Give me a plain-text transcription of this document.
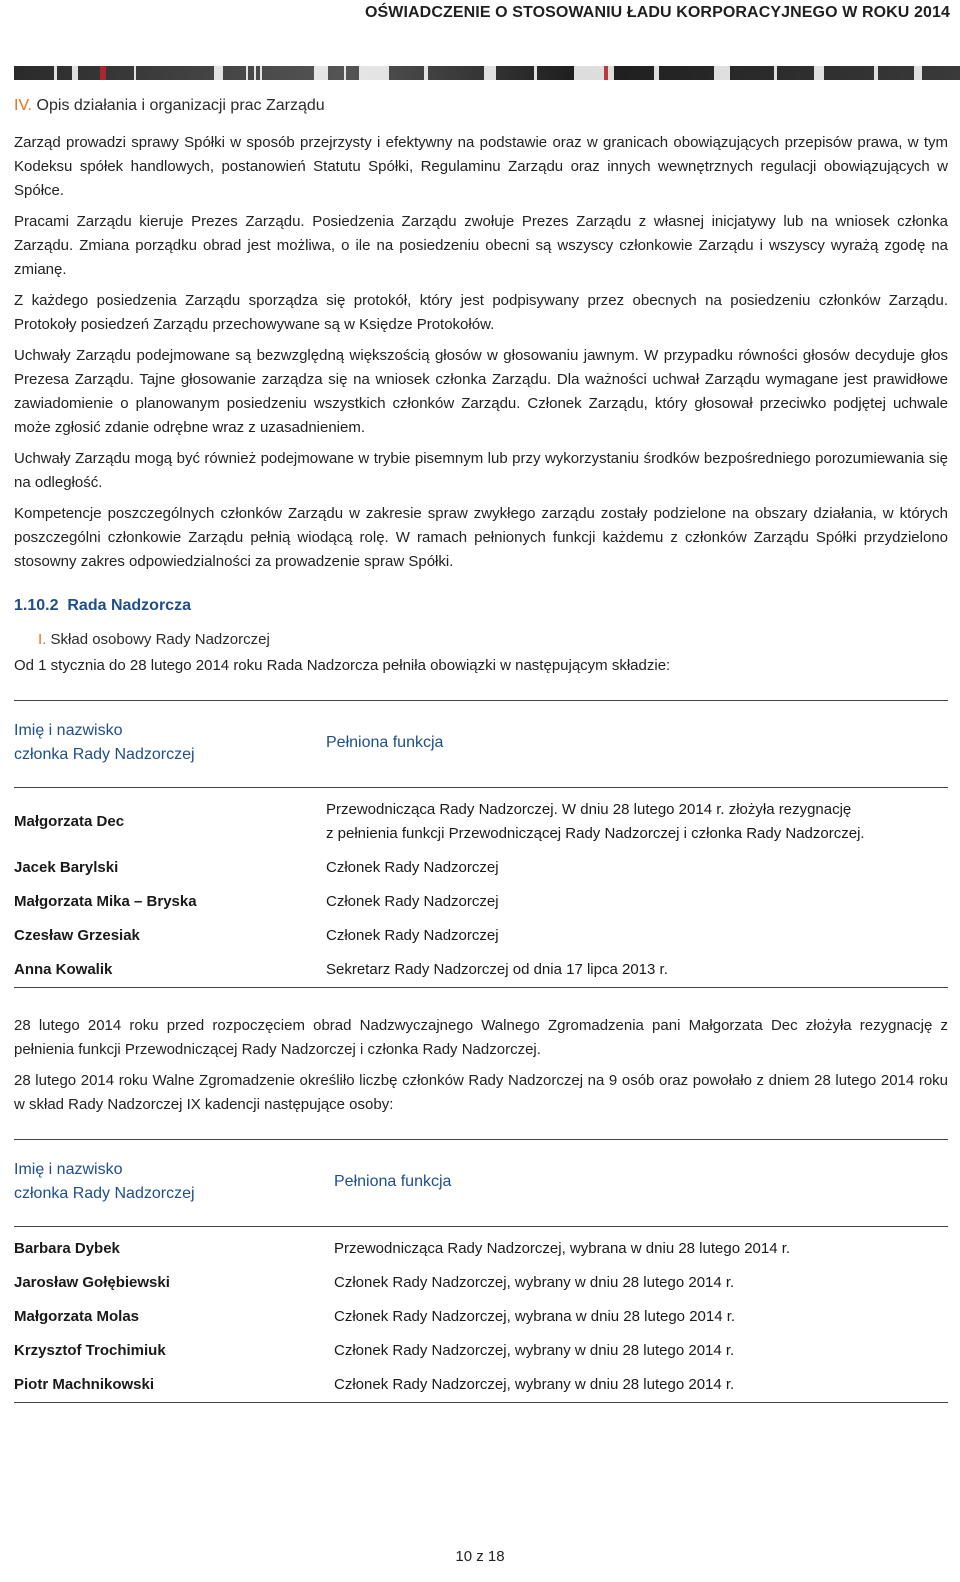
OŚWIADCZENIE O STOSOWANIU ŁADU KORPORACYJNEGO W ROKU 2014
IV. Opis działania i organizacji prac Zarządu

Zarząd prowadzi sprawy Spółki w sposób przejrzysty i efektywny na podstawie oraz w granicach obowiązujących przepisów prawa, w tym Kodeksu spółek handlowych, postanowień Statutu Spółki, Regulaminu Zarządu oraz innych wewnętrznych regulacji obowiązujących w Spółce.

Pracami Zarządu kieruje Prezes Zarządu. Posiedzenia Zarządu zwołuje Prezes Zarządu z własnej inicjatywy lub na wniosek członka Zarządu. Zmiana porządku obrad jest możliwa, o ile na posiedzeniu obecni są wszyscy członkowie Zarządu i wszyscy wyrażą zgodę na zmianę.

Z każdego posiedzenia Zarządu sporządza się protokół, który jest podpisywany przez obecnych na posiedzeniu członków Zarządu. Protokoły posiedzeń Zarządu przechowywane są w Księdze Protokołów.

Uchwały Zarządu podejmowane są bezwzględną większością głosów w głosowaniu jawnym. W przypadku równości głosów decyduje głos Prezesa Zarządu. Tajne głosowanie zarządza się na wniosek członka Zarządu. Dla ważności uchwał Zarządu wymagane jest prawidłowe zawiadomienie o planowanym posiedzeniu wszystkich członków Zarządu. Członek Zarządu, który głosował przeciwko podjętej uchwale może zgłosić zdanie odrębne wraz z uzasadnieniem.

Uchwały Zarządu mogą być również podejmowane w trybie pisemnym lub przy wykorzystaniu środków bezpośredniego porozumiewania się na odległość.

Kompetencje poszczególnych członków Zarządu w zakresie spraw zwykłego zarządu zostały podzielone na obszary działania, w których poszczególni członkowie Zarządu pełnią wiodącą rolę. W ramach pełnionych funkcji każdemu z członków Zarządu Spółki przydzielono stosowny zakres odpowiedzialności za prowadzenie spraw Spółki.

1.10.2 Rada Nadzorcza
I. Skład osobowy Rady Nadzorczej

Od 1 stycznia do 28 lutego 2014 roku Rada Nadzorcza pełniła obowiązki w następującym składzie:

Imię i nazwisko
członka Rady Nadzorczej	Pełniona funkcja
Małgorzata Dec	Przewodnicząca Rady Nadzorczej. W dniu 28 lutego 2014 r. złożyła rezygnację
z pełnienia funkcji Przewodniczącej Rady Nadzorczej i członka Rady Nadzorczej.

Jacek Barylski	Członek Rady Nadzorczej
Małgorzata Mika – Bryska	Członek Rady Nadzorczej
Czesław Grzesiak	Członek Rady Nadzorczej
Anna Kowalik	Sekretarz Rady Nadzorczej od dnia 17 lipca 2013 r.

28 lutego 2014 roku przed rozpoczęciem obrad Nadzwyczajnego Walnego Zgromadzenia pani Małgorzata Dec złożyła rezygnację z pełnienia funkcji Przewodniczącej Rady Nadzorczej i członka Rady Nadzorczej.

28 lutego 2014 roku Walne Zgromadzenie określiło liczbę członków Rady Nadzorczej na 9 osób oraz powołało z dniem 28 lutego 2014 roku w skład Rady Nadzorczej IX kadencji następujące osoby:

Imię i nazwisko
członka Rady Nadzorczej	Pełniona funkcja
Barbara Dybek	Przewodnicząca Rady Nadzorczej, wybrana w dniu 28 lutego 2014 r.
Jarosław Gołębiewski	Członek Rady Nadzorczej, wybrany w dniu 28 lutego 2014 r.
Małgorzata Molas	Członek Rady Nadzorczej, wybrana w dniu 28 lutego 2014 r.
Krzysztof Trochimiuk	Członek Rady Nadzorczej, wybrany w dniu 28 lutego 2014 r.
Piotr Machnikowski	Członek Rady Nadzorczej, wybrany w dniu 28 lutego 2014 r.
10 z 18
